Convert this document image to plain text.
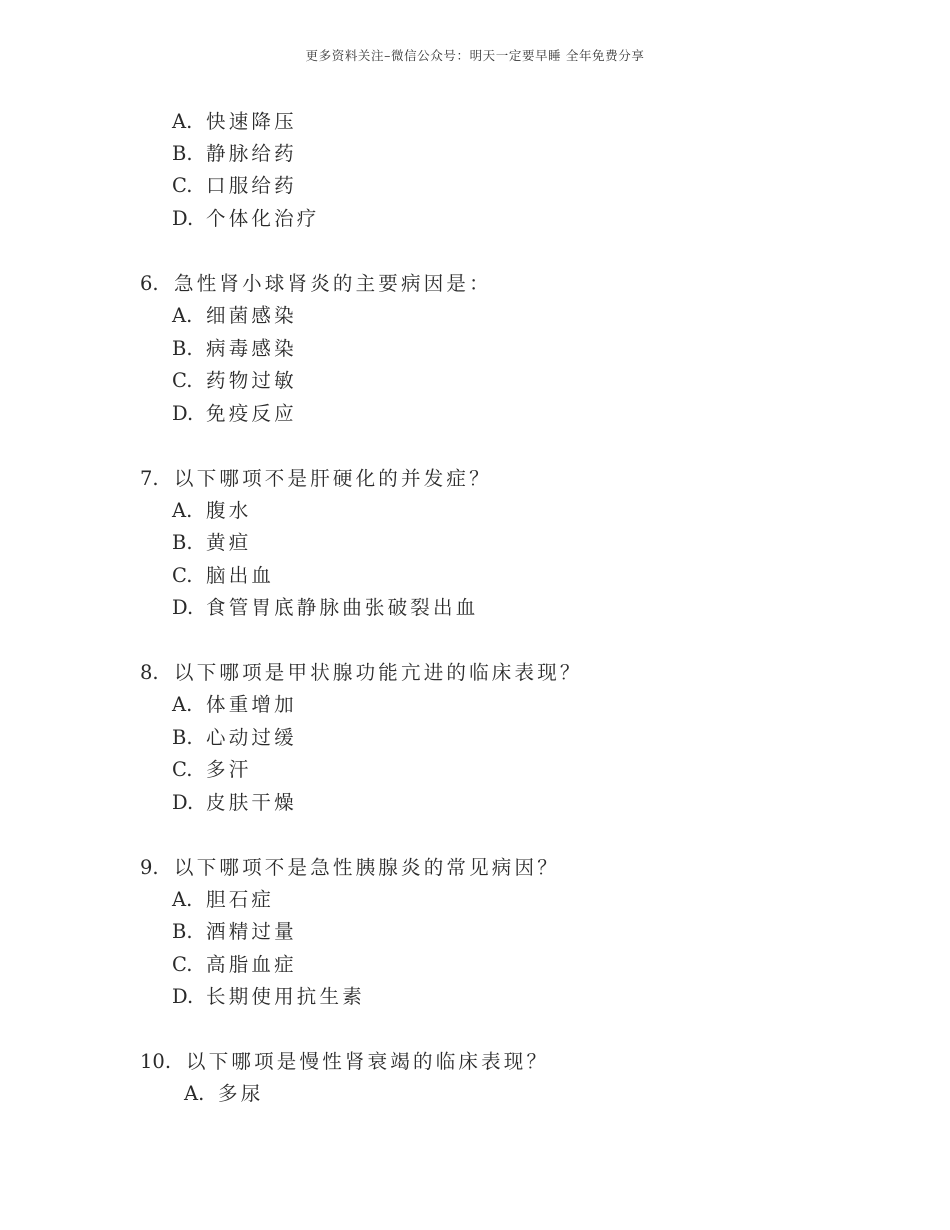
更多资料关注–微信公众号：明天一定要早睡 全年免费分享
A. 快速降压
B. 静脉给药
C. 口服给药
D. 个体化治疗
6. 急性肾小球肾炎的主要病因是：
A. 细菌感染
B. 病毒感染
C. 药物过敏
D. 免疫反应
7. 以下哪项不是肝硬化的并发症？
A. 腹水
B. 黄疸
C. 脑出血
D. 食管胃底静脉曲张破裂出血
8. 以下哪项是甲状腺功能亢进的临床表现？
A. 体重增加
B. 心动过缓
C. 多汗
D. 皮肤干燥
9. 以下哪项不是急性胰腺炎的常见病因？
A. 胆石症
B. 酒精过量
C. 高脂血症
D. 长期使用抗生素
10. 以下哪项是慢性肾衰竭的临床表现？
A. 多尿
